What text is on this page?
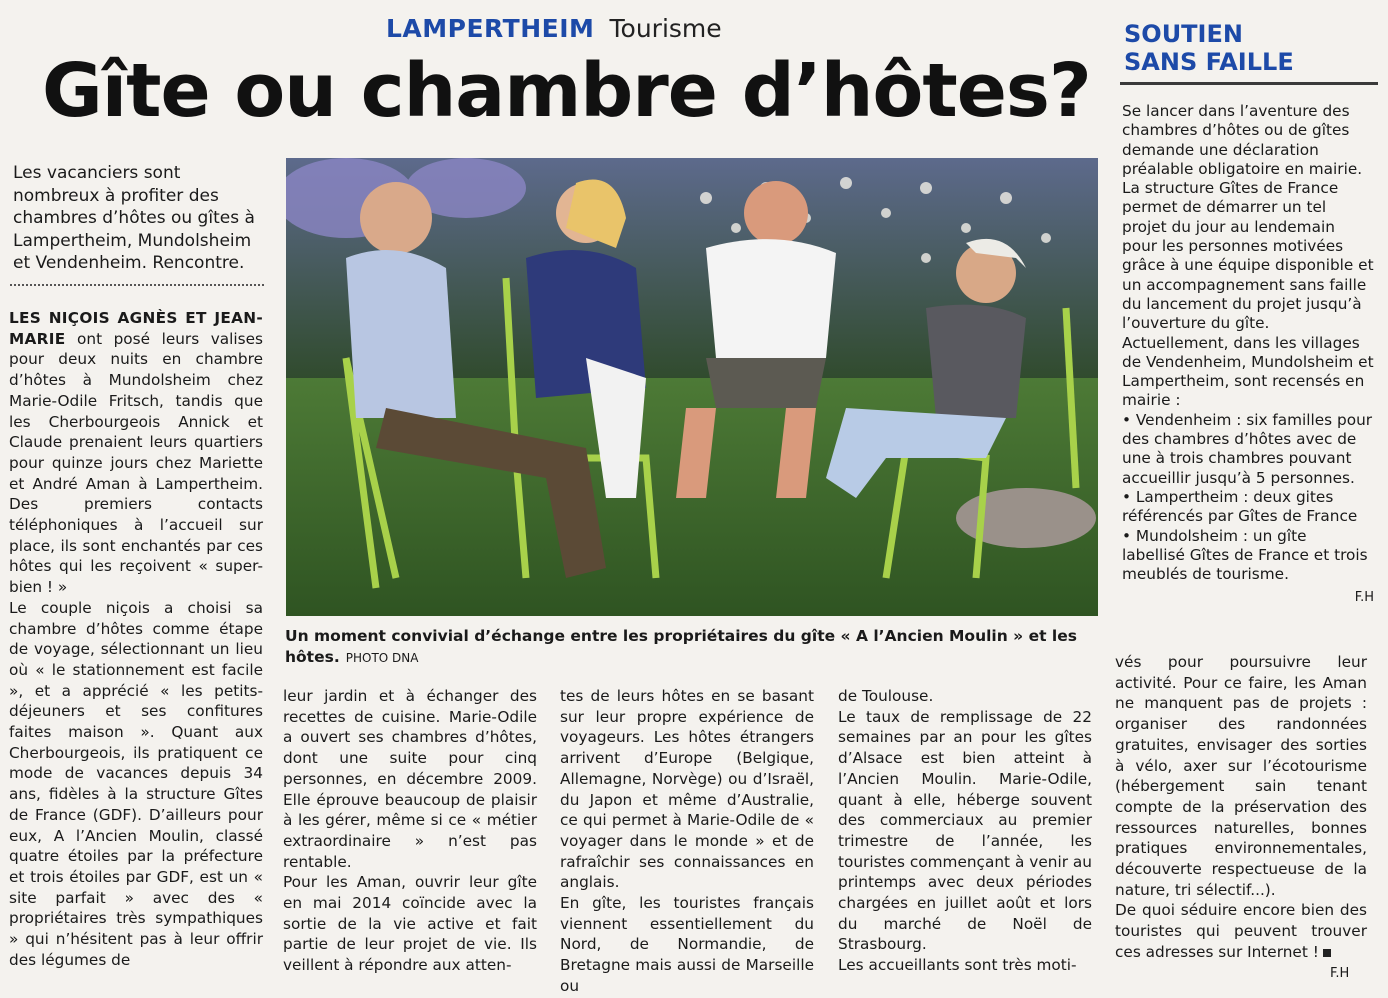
LAMPERTHEIM Tourisme
Gîte ou chambre d’hôtes?
SOUTIEN
SANS FAILLE
Les vacanciers sont nombreux à profiter des chambres d’hôtes ou gîtes à Lampertheim, Mundolsheim et Vendenheim. Rencontre.

LES NIÇOIS AGNÈS ET JEAN-MARIE ont posé leurs valises pour deux nuits en chambre d’hôtes à Mundolsheim chez Marie-Odile Fritsch, tandis que les Cherbourgeois Annick et Claude prenaient leurs quartiers pour quinze jours chez Mariette et André Aman à Lampertheim. Des premiers contacts téléphoniques à l’accueil sur place, ils sont enchantés par ces hôtes qui les reçoivent « super-bien ! »

Le couple niçois a choisi sa chambre d’hôtes comme étape de voyage, sélectionnant un lieu où « le stationnement est facile », et a apprécié « les petits-déjeuners et ses confitures faites maison ». Quant aux Cherbourgeois, ils pratiquent ce mode de vacances depuis 34 ans, fidèles à la structure Gîtes de France (GDF). D’ailleurs pour eux, A l’Ancien Moulin, classé quatre étoiles par la préfecture et trois étoiles par GDF, est un « site parfait » avec des « propriétaires très sympathiques » qui n’hésitent pas à leur offrir des légumes de

Un moment convivial d’échange entre les propriétaires du gîte « A l’Ancien Moulin » et les hôtes. PHOTO DNA

leur jardin et à échanger des recettes de cuisine. Marie-Odile a ouvert ses chambres d’hôtes, dont une suite pour cinq personnes, en décembre 2009. Elle éprouve beaucoup de plaisir à les gérer, même si ce « métier extraordinaire » n’est pas rentable.

Pour les Aman, ouvrir leur gîte en mai 2014 coïncide avec la sortie de la vie active et fait partie de leur projet de vie. Ils veillent à répondre aux atten-

tes de leurs hôtes en se basant sur leur propre expérience de voyageurs. Les hôtes étrangers arrivent d’Europe (Belgique, Allemagne, Norvège) ou d’Israël, du Japon et même d’Australie, ce qui permet à Marie-Odile de « voyager dans le monde » et de rafraîchir ses connaissances en anglais.

En gîte, les touristes français viennent essentiellement du Nord, de Normandie, de Bretagne mais aussi de Marseille ou

de Toulouse.

Le taux de remplissage de 22 semaines par an pour les gîtes d’Alsace est bien atteint à l’Ancien Moulin. Marie-Odile, quant à elle, héberge souvent des commerciaux au premier trimestre de l’année, les touristes commençant à venir au printemps avec deux périodes chargées en juillet août et lors du marché de Noël de Strasbourg.

Les accueillants sont très moti-

vés pour poursuivre leur activité. Pour ce faire, les Aman ne manquent pas de projets : organiser des randonnées gratuites, envisager des sorties à vélo, axer sur l’écotourisme (hébergement sain tenant compte de la préservation des ressources naturelles, bonnes pratiques environnementales, découverte respectueuse de la nature, tri sélectif...).

De quoi séduire encore bien des touristes qui peuvent trouver ces adresses sur Internet !

F.H

Se lancer dans l’aventure des chambres d’hôtes ou de gîtes demande une déclaration préalable obligatoire en mairie.

La structure Gîtes de France permet de démarrer un tel projet du jour au lendemain pour les personnes motivées grâce à une équipe disponible et un accompagnement sans faille du lancement du projet jusqu’à l’ouverture du gîte.

Actuellement, dans les villages de Vendenheim, Mundolsheim et Lampertheim, sont recensés en mairie :

• Vendenheim : six familles pour des chambres d’hôtes avec de une à trois chambres pouvant accueillir jusqu’à 5 personnes.

• Lampertheim : deux gites référencés par Gîtes de France

• Mundolsheim : un gîte labellisé Gîtes de France et trois meublés de tourisme.

F.H
